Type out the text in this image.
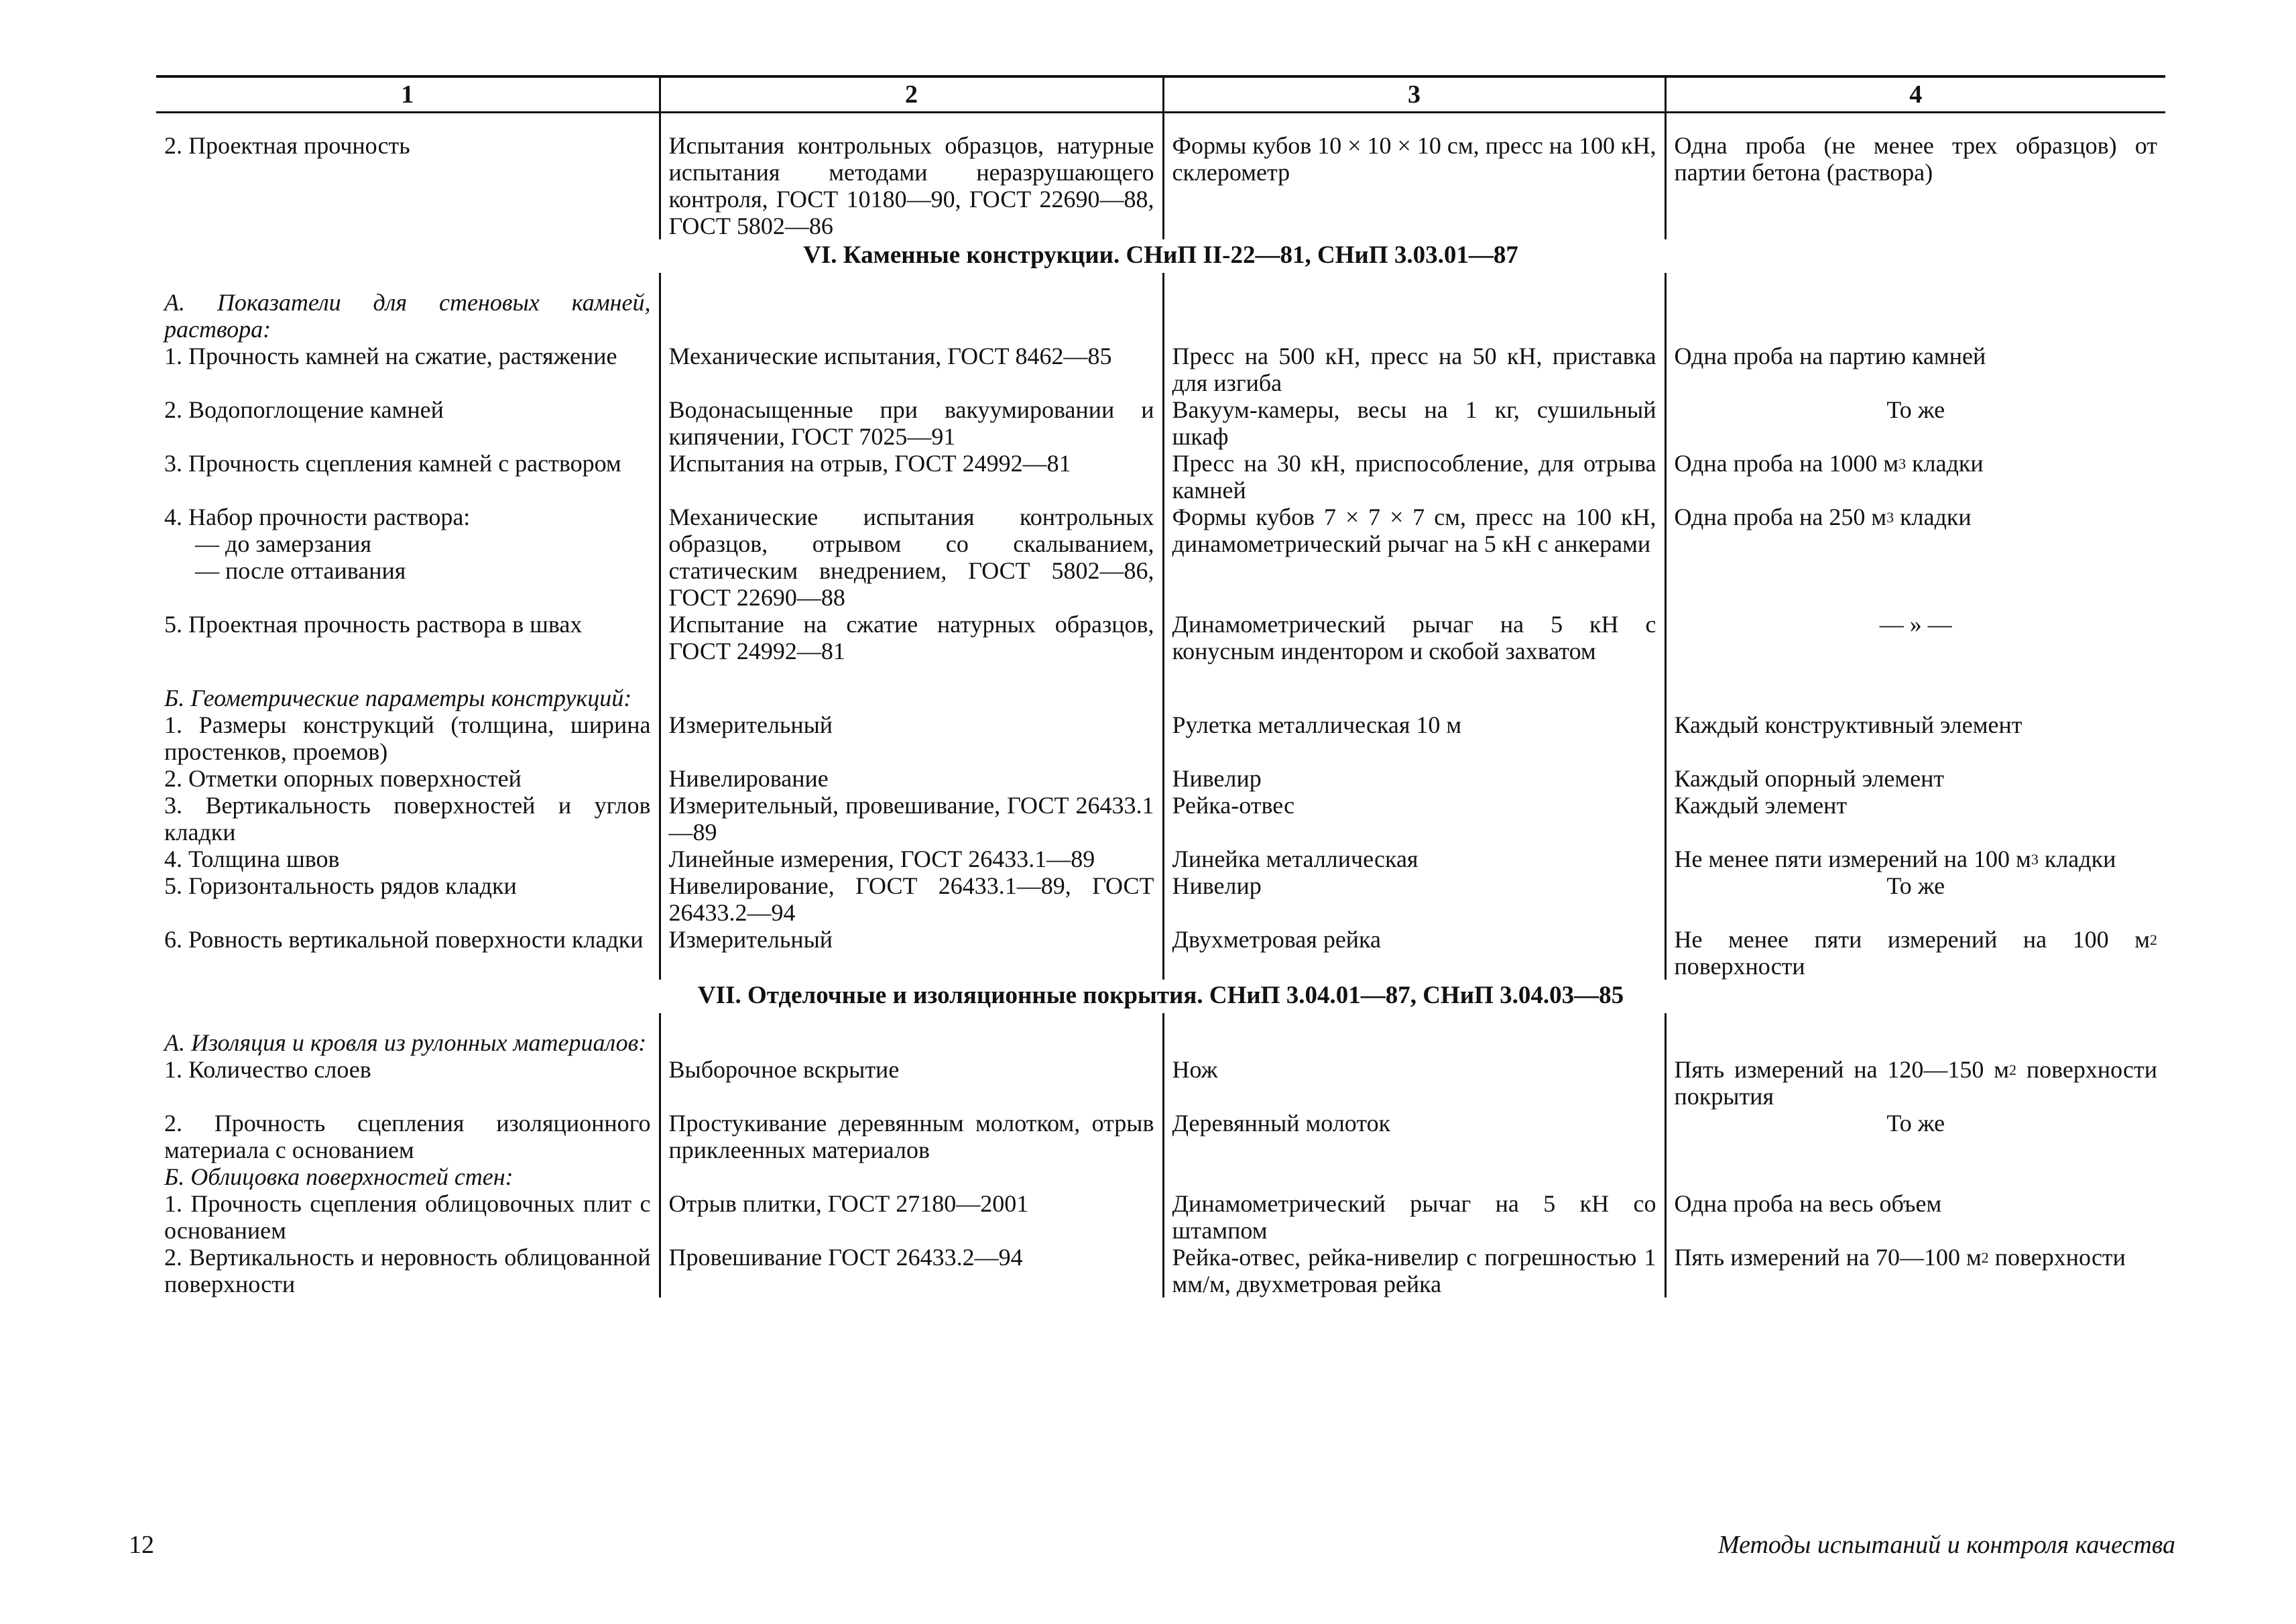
1	2	3	4
2. Проектная прочность	Испытания контрольных образцов, натурные испытания методами неразрушающего контроля, ГОСТ 10180—90, ГОСТ 22690—88, ГОСТ 5802—86	Формы кубов 10 × 10 × 10 см, пресс на 100 кН, склерометр	Одна проба (не менее трех образцов) от партии бетона (раствора)
VI. Каменные конструкции. СНиП II-22—81, СНиП 3.03.01—87			
А. Показатели для стеновых камней, раствора:			
1. Прочность камней на сжатие, растяжение	Механические испытания, ГОСТ 8462—85	Пресс на 500 кН, пресс на 50 кН, приставка для изгиба	Одна проба на партию камней
2. Водопоглощение камней	Водонасыщенные при вакуумировании и кипячении, ГОСТ 7025—91	Вакуум-камеры, весы на 1 кг, сушильный шкаф	То же
3. Прочность сцепления камней с раствором	Испытания на отрыв, ГОСТ 24992—81	Пресс на 30 кН, приспособление, для отрыва камней	Одна проба на 1000 $м^3$ кладки

4. Набор прочности раствора:
— до замерзания
— после оттаивания	Механические испытания контрольных образцов, отрывом со скалыванием, статическим внедрением, ГОСТ 5802—86, ГОСТ 22690—88	Формы кубов 7 × 7 × 7 см, пресс на 100 кН, динамометрический рычаг на 5 кН с анкерами	Одна проба на 250 $м^3$ кладки
5. Проектная прочность раствора в швах	Испытание на сжатие натурных образцов, ГОСТ 24992—81	Динамометрический рычаг на 5 кН с конусным индентором и скобой захватом	— » —

Б. Геометрические параметры конструкций:			
1. Размеры конструкций (толщина, ширина простенков, проемов)	Измерительный	Рулетка металлическая 10 м	Каждый конструктивный элемент
2. Отметки опорных поверхностей	Нивелирование	Нивелир	Каждый опорный элемент
3. Вертикальность поверхностей и углов кладки	Измерительный, провешивание, ГОСТ 26433.1—89	Рейка-отвес	Каждый элемент
4. Толщина швов	Линейные измерения, ГОСТ 26433.1—89	Линейка металлическая	Не менее пяти измерений на 100 $м^3$ кладки
5. Горизонтальность рядов кладки	Нивелирование, ГОСТ 26433.1—89, ГОСТ 26433.2—94	Нивелир	То же
6. Ровность вертикальной поверхности кладки	Измерительный	Двухметровая рейка	Не менее пяти измерений на 100 $м^2$ поверхности
VII. Отделочные и изоляционные покрытия. СНиП 3.04.01—87, СНиП 3.04.03—85			
А. Изоляция и кровля из рулонных материалов:			
1. Количество слоев	Выборочное вскрытие	Нож	Пять измерений на 120—150 $м^2$ поверхности покрытия
2. Прочность сцепления изоляционного материала с основанием	Простукивание деревянным молотком, отрыв приклеенных материалов	Деревянный молоток	То же
Б. Облицовка поверхностей стен:			
1. Прочность сцепления облицовочных плит с основанием	Отрыв плитки, ГОСТ 27180—2001	Динамометрический рычаг на 5 кН со штампом	Одна проба на весь объем
2. Вертикальность и неровность облицованной поверхности	Провешивание ГОСТ 26433.2—94	Рейка-отвес, рейка-нивелир с погрешностью 1 мм/м, двухметровая рейка	Пять измерений на 70—100 $м^2$ поверхности
12	Методы испытаний и контроля качества
